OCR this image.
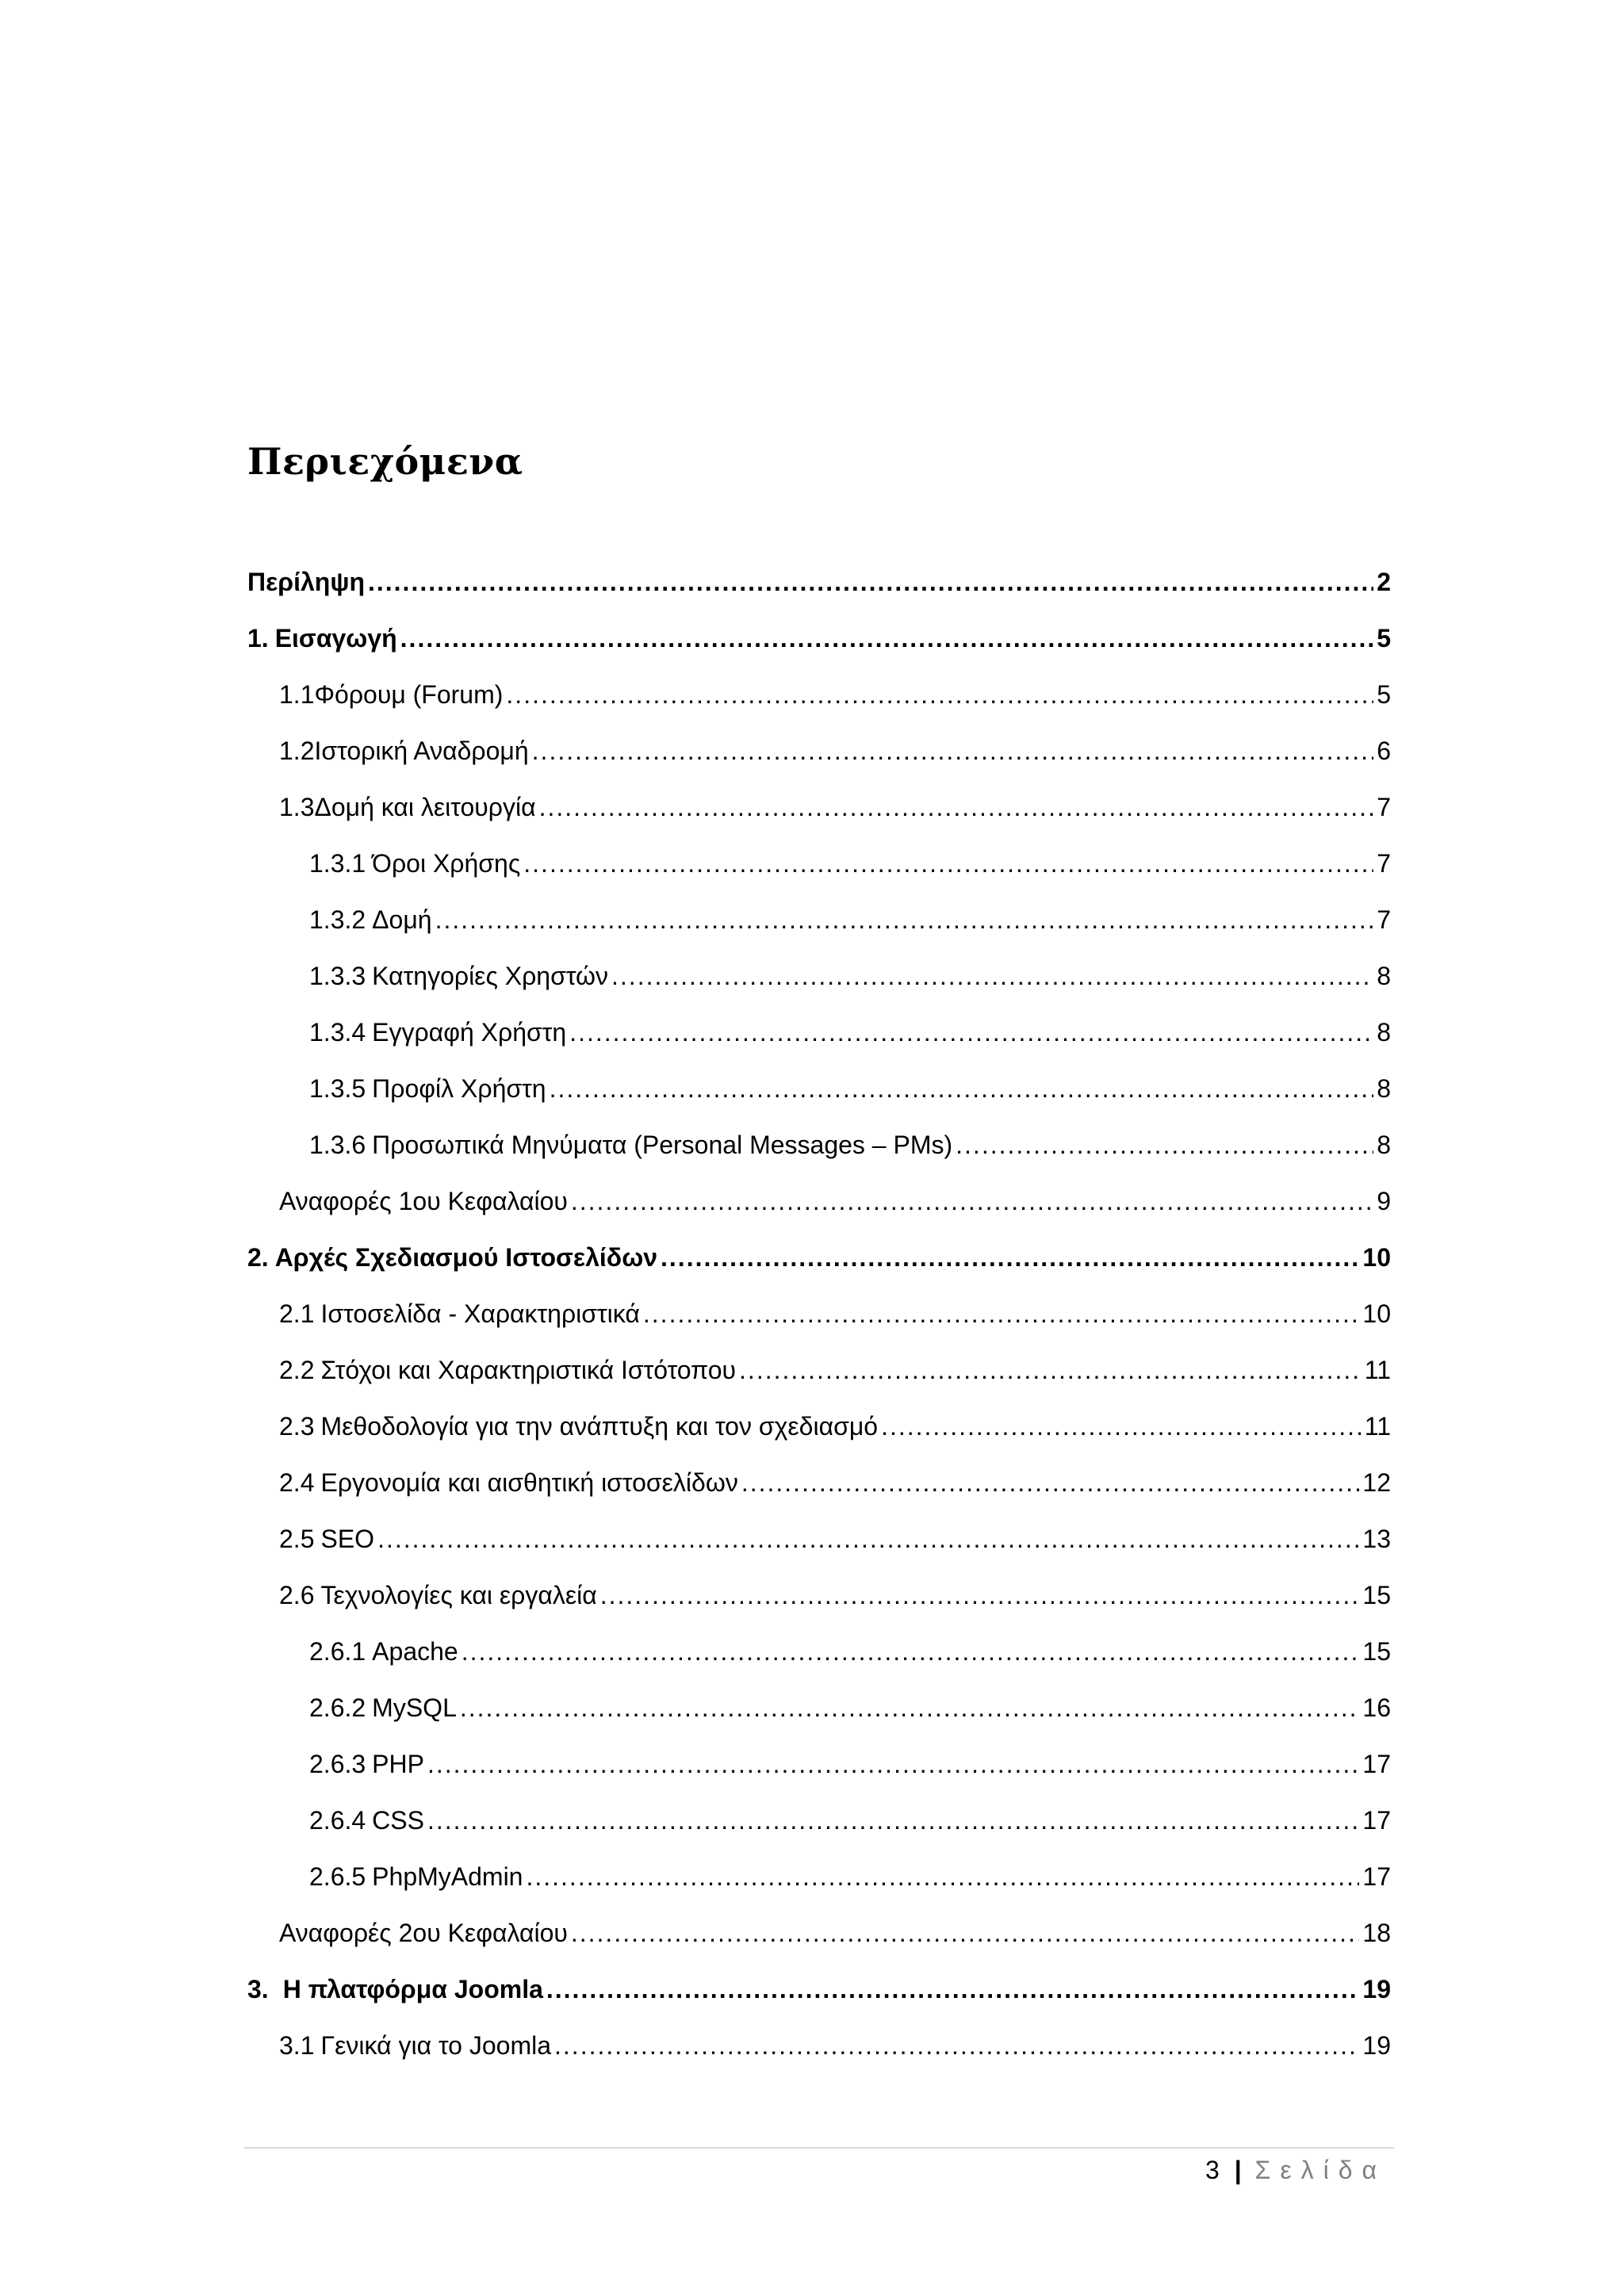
Περιεχόμενα
Περίληψη .....	2
1. Εισαγωγή .....	5
1.1 Φόρουμ (Forum) .....	5
1.2 Ιστορική Αναδρομή .....	6
1.3 Δομή και λειτουργία .....	7
1.3.1 Όροι Χρήσης .....	7
1.3.2 Δομή .....	7
1.3.3 Κατηγορίες Χρηστών .....	8
1.3.4 Εγγραφή Χρήστη .....	8
1.3.5 Προφίλ Χρήστη .....	8
1.3.6 Προσωπικά Μηνύματα (Personal Messages – PMs) .....	8
Αναφορές 1ου Κεφαλαίου .....	9
2. Αρχές Σχεδιασμού Ιστοσελίδων .....	10
2.1 Ιστοσελίδα - Χαρακτηριστικά .....	10
2.2 Στόχοι και Χαρακτηριστικά Ιστότοπου .....	11
2.3 Μεθοδολογία για την ανάπτυξη και τον σχεδιασμό .....	11
2.4 Εργονομία και αισθητική ιστοσελίδων .....	12
2.5 SEO .....	13
2.6 Τεχνολογίες και εργαλεία .....	15
2.6.1 Apache .....	15
2.6.2 MySQL .....	16
2.6.3 PHP .....	17
2.6.4 CSS .....	17
2.6.5 PhpMyAdmin .....	17
Αναφορές 2ου Κεφαλαίου .....	18
3. Η πλατφόρμα Joomla .....	19
3.1 Γενικά για το Joomla .....	19
3 | Σελίδα
